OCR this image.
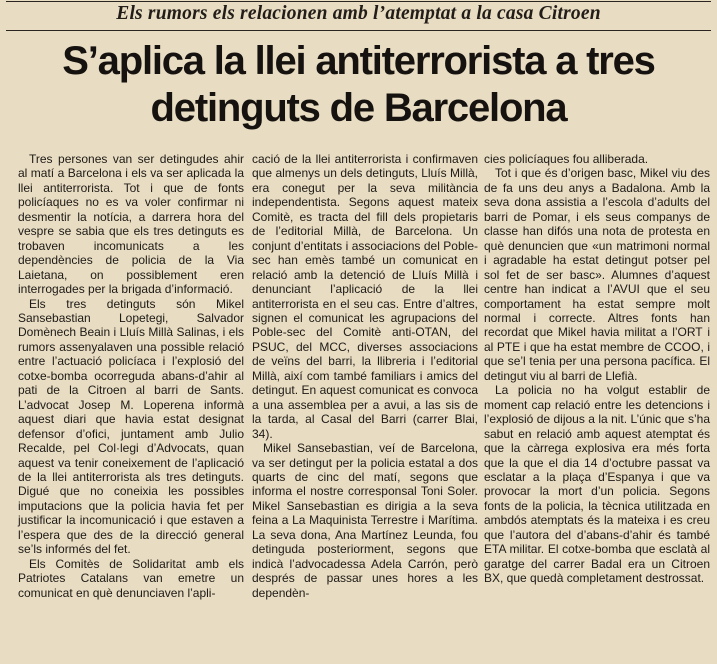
Els rumors els relacionen amb l’atemptat a la casa Citroen
S’aplica la llei antiterrorista a tres
detinguts de Barcelona

Tres persones van ser detingudes ahir al matí a Barcelona i els va ser aplicada la llei antiterrorista. Tot i que de fonts policíaques no es va voler confirmar ni desmentir la notícia, a darrera hora del vespre se sabia que els tres detinguts es trobaven incomunicats a les dependències de policia de la Via Laietana, on possiblement eren interrogades per la brigada d’informació.

Els tres detinguts són Mikel Sansebastian Lopetegi, Salvador Domènech Beain i Lluís Millà Salinas, i els rumors assenyalaven una possible relació entre l’actuació policíaca i l’explosió del cotxe-bomba ocorreguda abans-d’ahir al pati de la Citroen al barri de Sants. L’advocat Josep M. Loperena informà aquest diari que havia estat designat defensor d’ofici, juntament amb Julio Recalde, pel Col·legi d’Advocats, quan aquest va tenir coneixement de l’aplicació de la llei antiterrorista als tres detinguts. Digué que no coneixia les possibles imputacions que la policia havia fet per justificar la incomunicació i que estaven a l’espera que des de la direcció general se’ls informés del fet.

Els Comitès de Solidaritat amb els Patriotes Catalans van emetre un comunicat en què denunciaven l’apli-

cació de la llei antiterrorista i confirmaven que almenys un dels detinguts, Lluís Millà, era conegut per la seva militància independentista. Segons aquest mateix Comitè, es tracta del fill dels propietaris de l’editorial Millà, de Barcelona. Un conjunt d’entitats i associacions del Poble-sec han emès també un comunicat en relació amb la detenció de Lluís Millà i denunciant l’aplicació de la llei antiterrorista en el seu cas. Entre d’altres, signen el comunicat les agrupacions del Poble-sec del Comitè anti-OTAN, del PSUC, del MCC, diverses associacions de veïns del barri, la llibreria i l’editorial Millà, així com també familiars i amics del detingut. En aquest comunicat es convoca a una assemblea per a avui, a las sis de la tarda, al Casal del Barri (carrer Blai, 34).

Mikel Sansebastian, veí de Barcelona, va ser detingut per la policia estatal a dos quarts de cinc del matí, segons que informa el nostre corresponsal Toni Soler. Mikel Sansebastian es dirigia a la seva feina a La Maquinista Terrestre i Marítima. La seva dona, Ana Martínez Leunda, fou detinguda posteriorment, segons que indicà l’advocadessa Adela Carrón, però després de passar unes hores a les dependèn-

cies policíaques fou alliberada.

Tot i que és d’origen basc, Mikel viu des de fa uns deu anys a Badalona. Amb la seva dona assistia a l’escola d’adults del barri de Pomar, i els seus companys de classe han difós una nota de protesta en què denuncien que «un matrimoni normal i agradable ha estat detingut potser pel sol fet de ser basc». Alumnes d’aquest centre han indicat a l’AVUI que el seu comportament ha estat sempre molt normal i correcte. Altres fonts han recordat que Mikel havia militat a l’ORT i al PTE i que ha estat membre de CCOO, i que se’l tenia per una persona pacífica. El detingut viu al barri de Llefià.

La policia no ha volgut establir de moment cap relació entre les detencions i l’explosió de dijous a la nit. L’únic que s’ha sabut en relació amb aquest atemptat és que la càrrega explosiva era més forta que la que el dia 14 d’octubre passat va esclatar a la plaça d’Espanya i que va provocar la mort d’un policia. Segons fonts de la policia, la tècnica utilitzada en ambdós atemptats és la mateixa i es creu que l’autora del d’abans-d’ahir és també ETA militar. El cotxe-bomba que esclatà al garatge del carrer Badal era un Citroen BX, que quedà completament destrossat.
